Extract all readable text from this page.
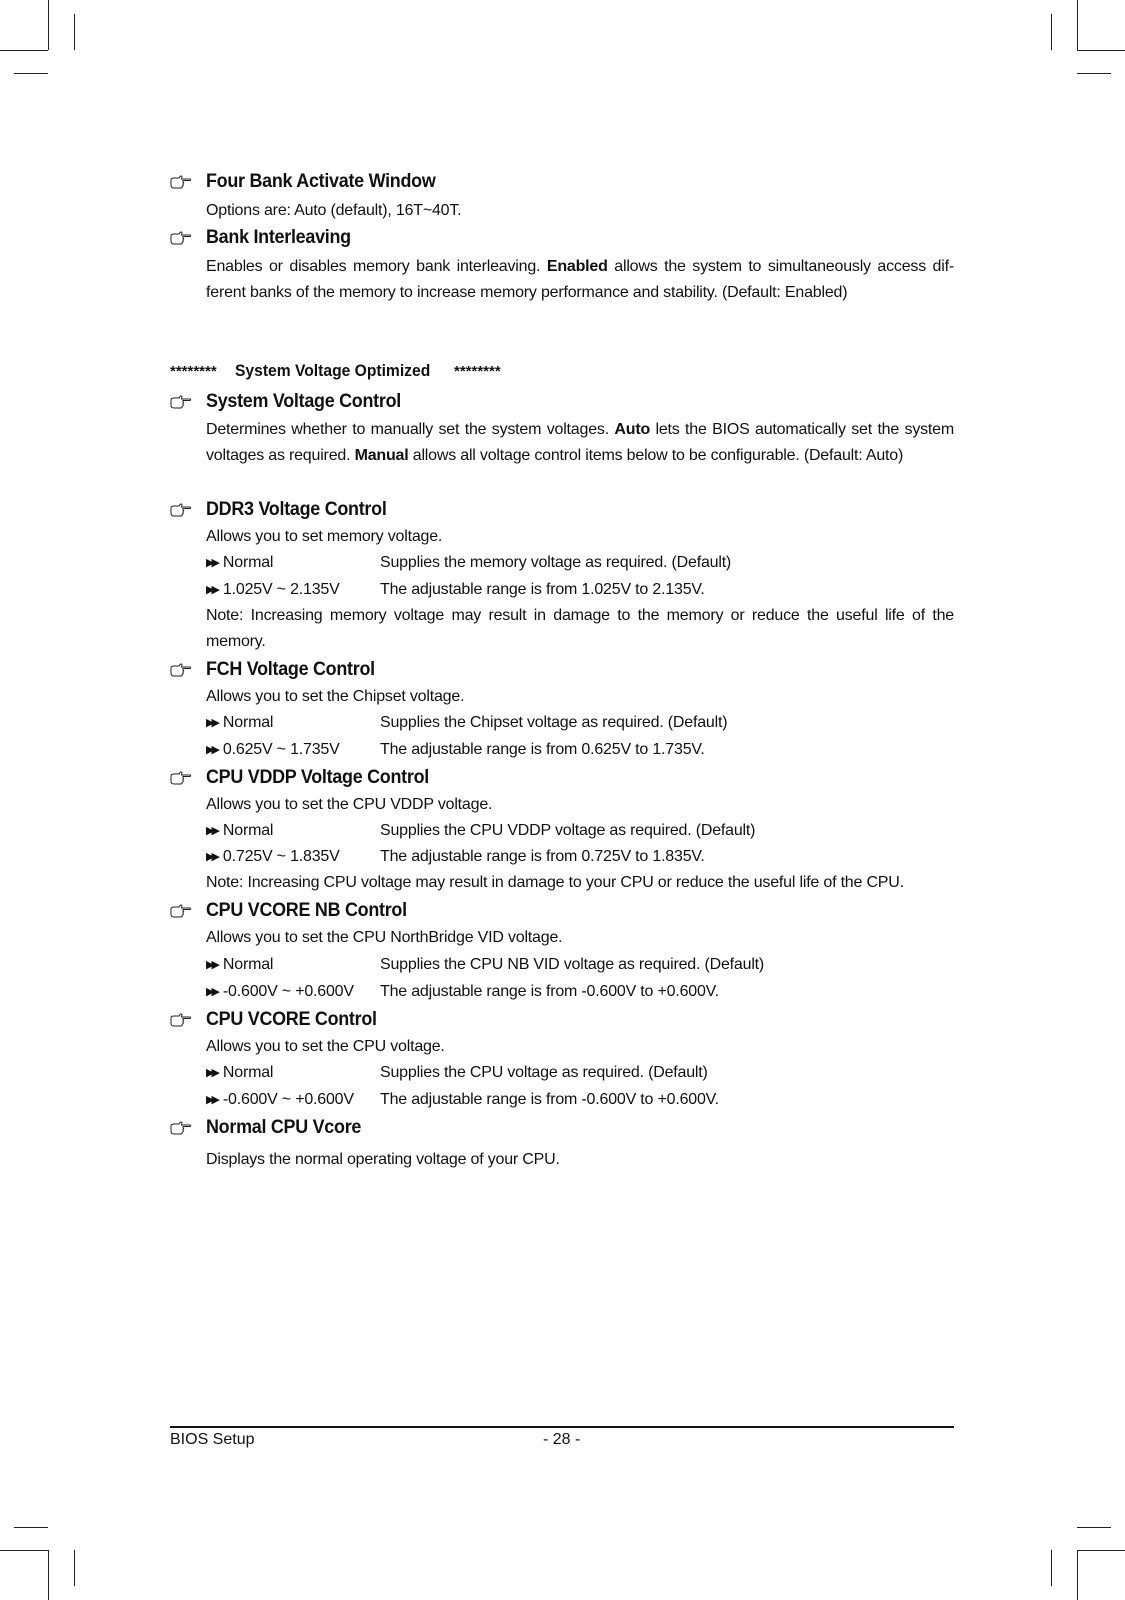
Four Bank Activate Window
Options are: Auto (default), 16T~40T.
Bank Interleaving
Enables or disables memory bank interleaving. Enabled allows the system to simultaneously access dif-ferent banks of the memory to increase memory performance and stability. (Default: Enabled)
******** System Voltage Optimized ********
System Voltage Control
Determines whether to manually set the system voltages. Auto lets the BIOS automatically set the system voltages as required. Manual allows all voltage control items below to be configurable. (Default: Auto)
DDR3 Voltage Control
Allows you to set memory voltage.
▶▶ Normal	Supplies the memory voltage as required. (Default)
▶▶ 1.025V ~ 2.135V	The adjustable range is from 1.025V to 2.135V.
Note: Increasing memory voltage may result in damage to the memory or reduce the useful life of the memory.
FCH Voltage Control
Allows you to set the Chipset voltage.
▶▶ Normal	Supplies the Chipset voltage as required. (Default)
▶▶ 0.625V ~ 1.735V	The adjustable range is from 0.625V to 1.735V.
CPU VDDP Voltage Control
Allows you to set the CPU VDDP voltage.
▶▶ Normal	Supplies the CPU VDDP voltage as required. (Default)
▶▶ 0.725V ~ 1.835V	The adjustable range is from 0.725V to 1.835V.
Note: Increasing CPU voltage may result in damage to your CPU or reduce the useful life of the CPU.
CPU VCORE NB Control
Allows you to set the CPU NorthBridge VID voltage.
▶▶ Normal	Supplies the CPU NB VID voltage as required. (Default)
▶▶ -0.600V ~ +0.600V The adjustable range is from -0.600V to +0.600V.
CPU VCORE Control
Allows you to set the CPU voltage.
▶▶ Normal	Supplies the CPU voltage as required. (Default)
▶▶ -0.600V ~ +0.600V The adjustable range is from -0.600V to +0.600V.
Normal CPU Vcore
Displays the normal operating voltage of your CPU.
BIOS Setup	- 28 -
